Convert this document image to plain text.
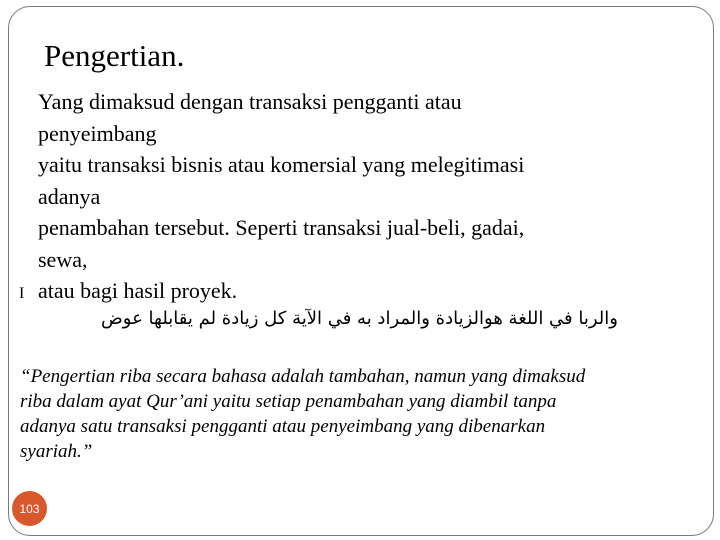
Pengertian.
Yang dimaksud dengan transaksi pengganti atau
penyeimbang
yaitu transaksi bisnis atau komersial yang melegitimasi
adanya
penambahan tersebut. Seperti transaksi jual-beli, gadai,
sewa,
atau bagi hasil proyek.
I
والربا في اللغة هوالزيادة والمراد به في الآية كل زيادة لم يقابلها عوض
“Pengertian riba secara bahasa adalah tambahan, namun yang dimaksud
riba dalam ayat Qur’ani yaitu setiap penambahan yang diambil tanpa
adanya satu transaksi pengganti atau penyeimbang yang dibenarkan
syariah.”
103
